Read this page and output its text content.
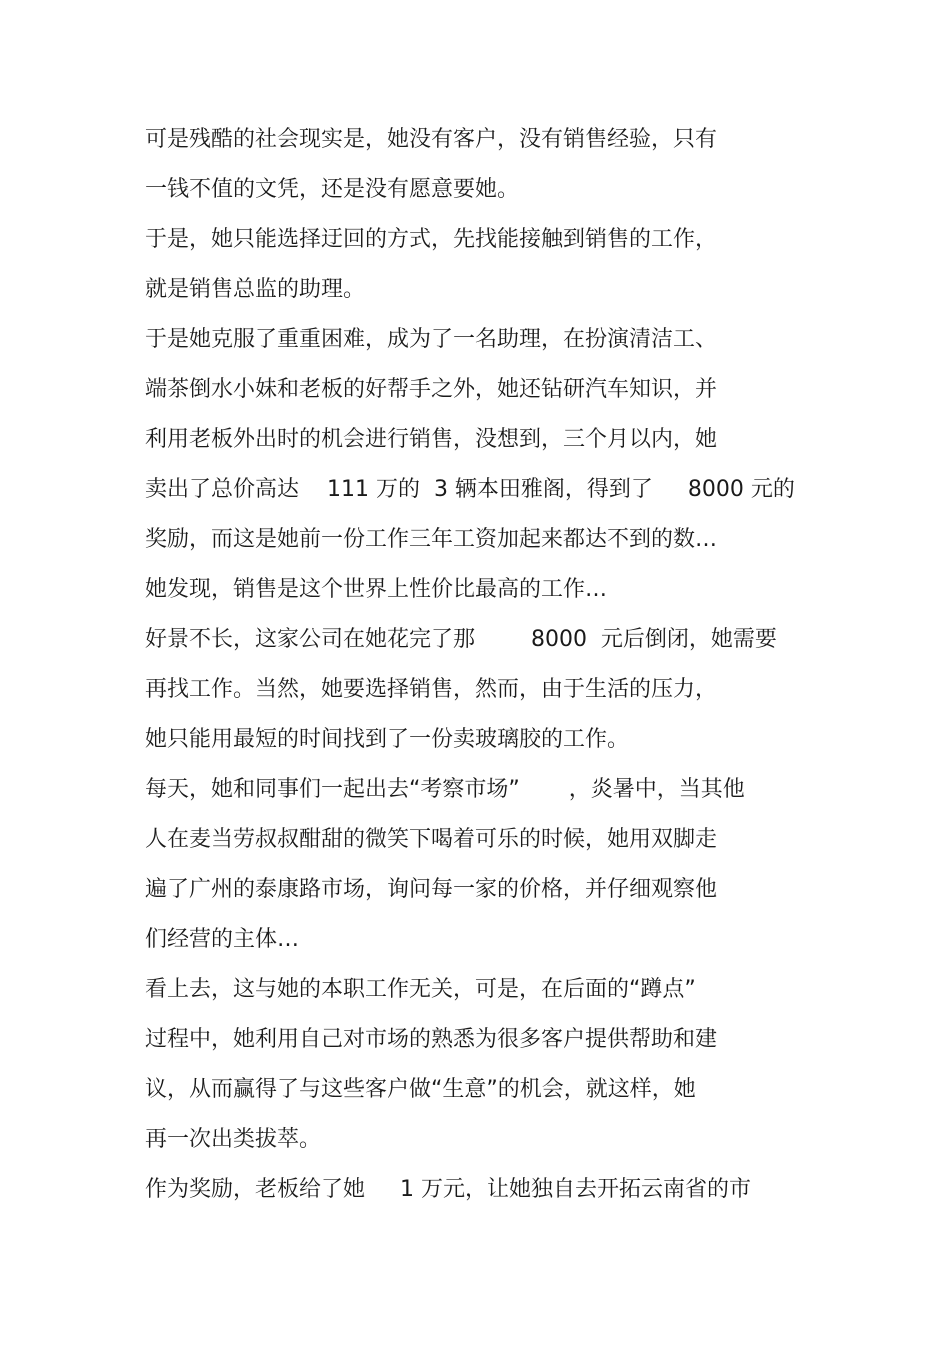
可是残酷的社会现实是，她没有客户，没有销售经验，只有
一钱不值的文凭，还是没有愿意要她。
于是，她只能选择迂回的方式，先找能接触到销售的工作，
就是销售总监的助理。
于是她克服了重重困难，成为了一名助理，在扮演清洁工、
端茶倒水小妹和老板的好帮手之外，她还钻研汽车知识，并
利用老板外出时的机会进行销售，没想到，三个月以内，她
卖出了总价高达    111 万的  3 辆本田雅阁，得到了     8000 元的
奖励，而这是她前一份工作三年工资加起来都达不到的数…
她发现，销售是这个世界上性价比最高的工作…
好景不长，这家公司在她花完了那        8000  元后倒闭，她需要
再找工作。当然，她要选择销售，然而，由于生活的压力，
她只能用最短的时间找到了一份卖玻璃胶的工作。
每天，她和同事们一起出去“考察市场”       ，炎暑中，当其他
人在麦当劳叔叔酣甜的微笑下喝着可乐的时候，她用双脚走
遍了广州的泰康路市场，询问每一家的价格，并仔细观察他
们经营的主体…
看上去，这与她的本职工作无关，可是，在后面的“蹲点”
过程中，她利用自己对市场的熟悉为很多客户提供帮助和建
议，从而赢得了与这些客户做“生意”的机会，就这样，她
再一次出类拔萃。
作为奖励，老板给了她     1 万元，让她独自去开拓云南省的市
